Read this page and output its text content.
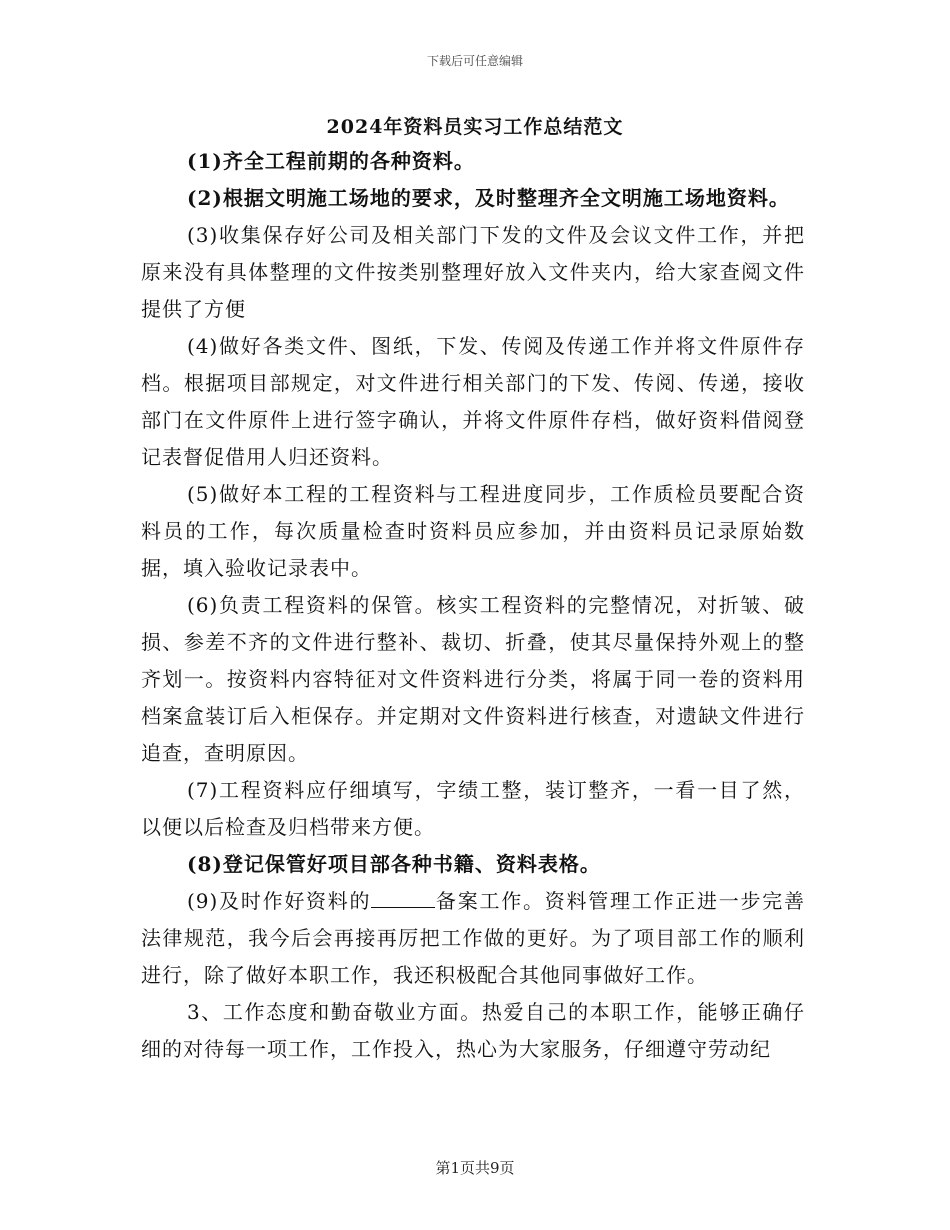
下载后可任意编辑
2024年资料员实习工作总结范文

(1)齐全工程前期的各种资料。

(2)根据文明施工场地的要求，及时整理齐全文明施工场地资料。

(3)收集保存好公司及相关部门下发的文件及会议文件工作，并把原来没有具体整理的文件按类别整理好放入文件夹内，给大家查阅文件提供了方便

(4)做好各类文件、图纸，下发、传阅及传递工作并将文件原件存档。根据项目部规定，对文件进行相关部门的下发、传阅、传递，接收部门在文件原件上进行签字确认，并将文件原件存档，做好资料借阅登记表督促借用人归还资料。

(5)做好本工程的工程资料与工程进度同步，工作质检员要配合资料员的工作，每次质量检查时资料员应参加，并由资料员记录原始数据，填入验收记录表中。

(6)负责工程资料的保管。核实工程资料的完整情况，对折皱、破损、参差不齐的文件进行整补、裁切、折叠，使其尽量保持外观上的整齐划一。按资料内容特征对文件资料进行分类，将属于同一卷的资料用档案盒装订后入柜保存。并定期对文件资料进行核查，对遗缺文件进行追查，查明原因。

(7)工程资料应仔细填写，字绩工整，装订整齐，一看一目了然，以便以后检查及归档带来方便。

(8)登记保管好项目部各种书籍、资料表格。

(9)及时作好资料的	备案工作。资料管理工作正进一步完善法律规范，我今后会再接再厉把工作做的更好。为了项目部工作的顺利进行，除了做好本职工作，我还积极配合其他同事做好工作。

3、工作态度和勤奋敬业方面。热爱自己的本职工作，能够正确仔细的对待每一项工作，工作投入，热心为大家服务，仔细遵守劳动纪

第1页共9页
